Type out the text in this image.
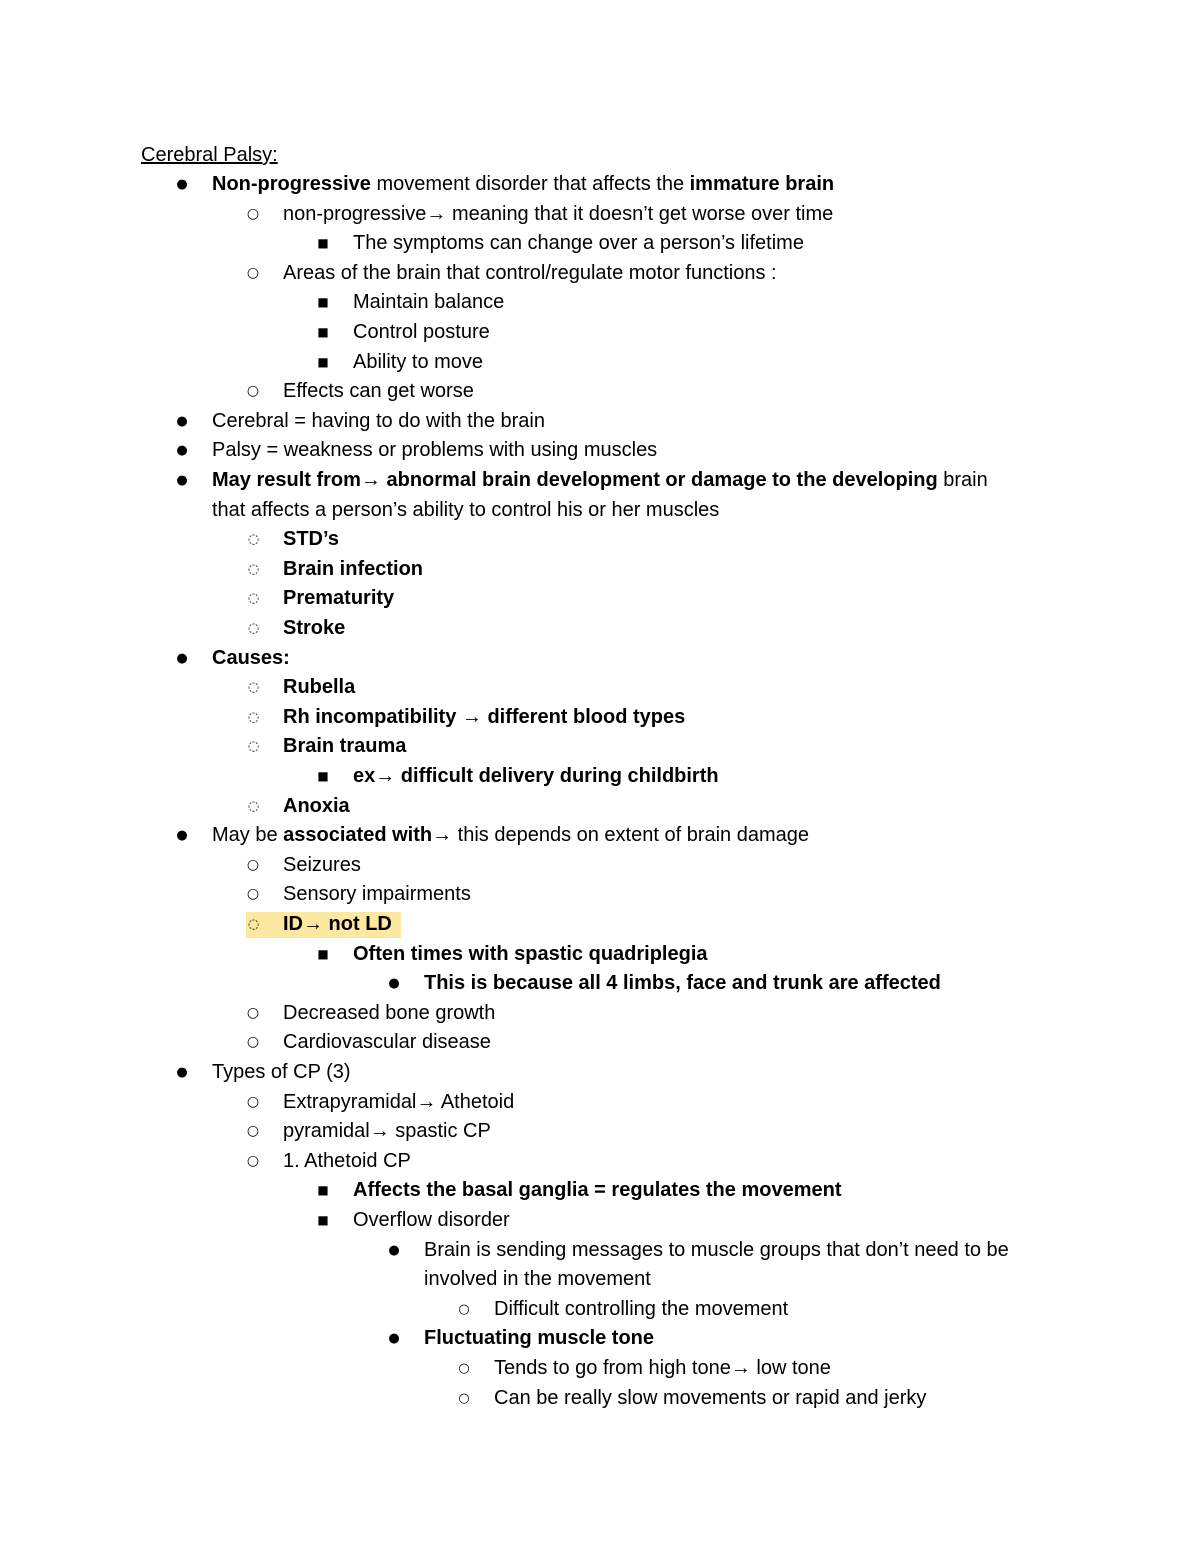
Cerebral Palsy:
●	Non-progressive movement disorder that affects the immature brain
○ non-progressive→ meaning that it doesn’t get worse over time
■	The symptoms can change over a person’s lifetime
○ Areas of the brain that control/regulate motor functions :
■	Maintain balance
■	Control posture
■	Ability to move
○ Effects can get worse
●	Cerebral = having to do with the brain
●	Palsy = weakness or problems with using muscles
●	May result from→ abnormal brain development or damage to the developing brain
that affects a person’s ability to control his or her muscles
◌	STD’s
◌	Brain infection
◌	Prematurity
◌	Stroke
●	Causes:
◌	Rubella
◌	Rh incompatibility → different blood types
◌	Brain trauma
■	ex→ difficult delivery during childbirth
◌	Anoxia
●	May be associated with→ this depends on extent of brain damage
○ Seizures
○ Sensory impairments
◌	ID→ not LD
■	Often times with spastic quadriplegia
●	This is because all 4 limbs, face and trunk are affected
○ Decreased bone growth
○ Cardiovascular disease
●	Types of CP (3)
○ Extrapyramidal→ Athetoid
○ pyramidal→ spastic CP
○ 1. Athetoid CP
■	Affects the basal ganglia = regulates the movement
■	Overflow disorder
●	Brain is sending messages to muscle groups that don’t need to be
involved in the movement
○	Difficult controlling the movement
●	Fluctuating muscle tone
○	Tends to go from high tone→ low tone
○	Can be really slow movements or rapid and jerky
